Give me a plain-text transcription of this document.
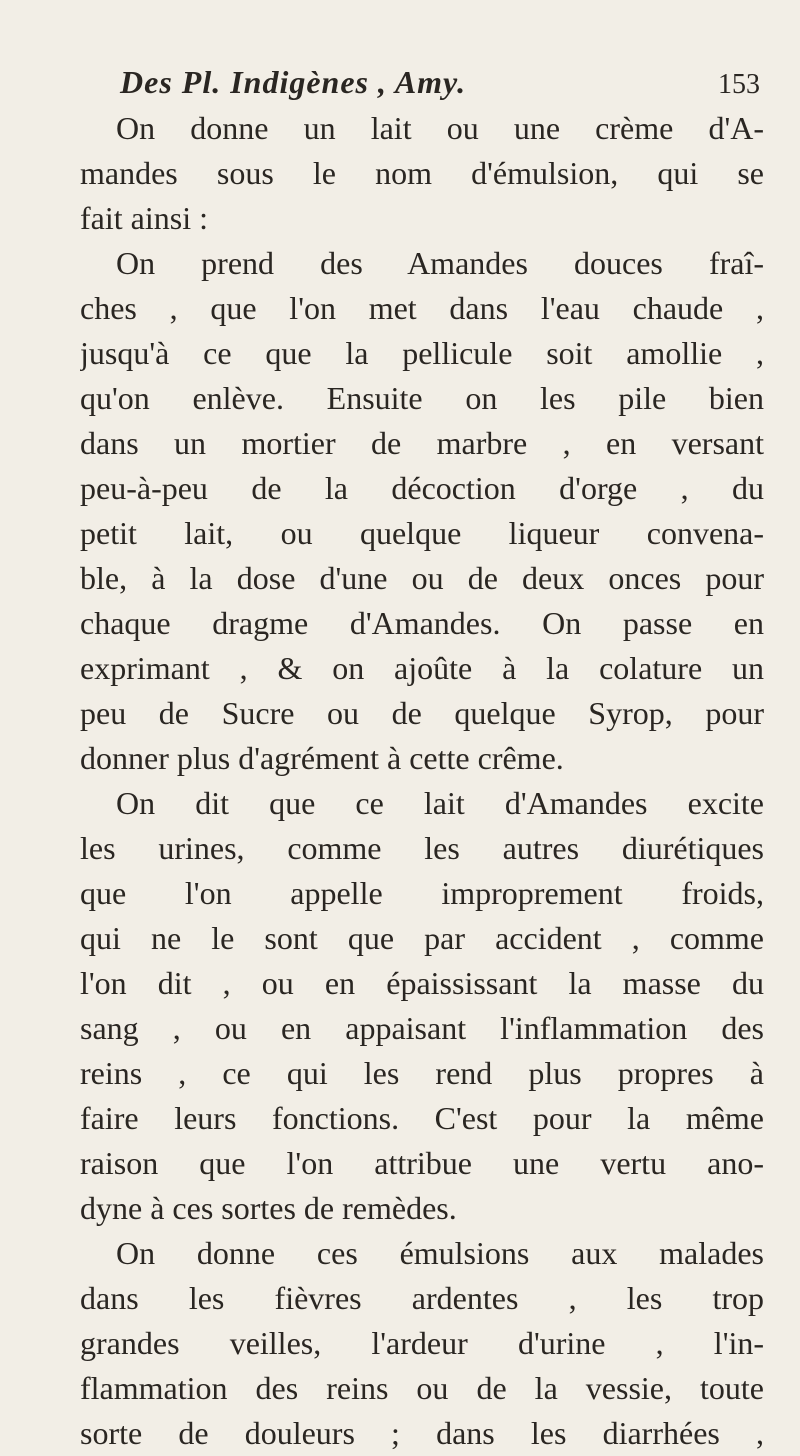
Des Pl. Indigènes , Amy.	153
On donne un lait ou une crème d'A-
mandes sous le nom d'émulsion, qui se
fait ainsi :
On prend des Amandes douces fraî-
ches , que l'on met dans l'eau chaude ,
jusqu'à ce que la pellicule soit amollie ,
qu'on enlève. Ensuite on les pile bien
dans un mortier de marbre , en versant
peu-à-peu de la décoction d'orge , du
petit lait, ou quelque liqueur convena-
ble, à la dose d'une ou de deux onces pour
chaque dragme d'Amandes. On passe en
exprimant , & on ajoûte à la colature un
peu de Sucre ou de quelque Syrop, pour
donner plus d'agrément à cette crême.
On dit que ce lait d'Amandes excite
les urines, comme les autres diurétiques
que l'on appelle improprement froids,
qui ne le sont que par accident , comme
l'on dit , ou en épaississant la masse du
sang , ou en appaisant l'inflammation des
reins , ce qui les rend plus propres à
faire leurs fonctions. C'est pour la même
raison que l'on attribue une vertu ano-
dyne à ces sortes de remèdes.
On donne ces émulsions aux malades
dans les fièvres ardentes , les trop
grandes veilles, l'ardeur d'urine , l'in-
flammation des reins ou de la vessie, toute
sorte de douleurs ; dans les diarrhées ,
